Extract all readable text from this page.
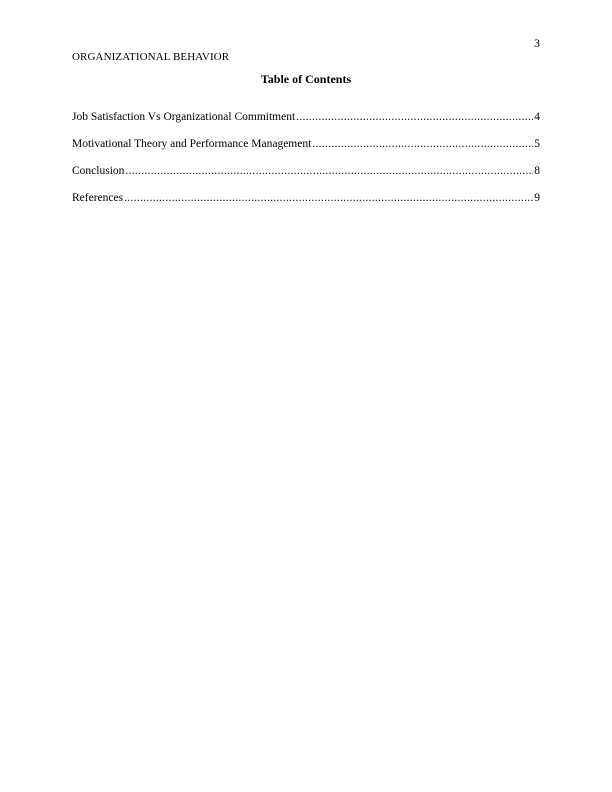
3
ORGANIZATIONAL BEHAVIOR
Table of Contents
Job Satisfaction Vs Organizational Commitment .....	4
Motivational Theory and Performance Management .....	5
Conclusion .....	8
References .....	9
